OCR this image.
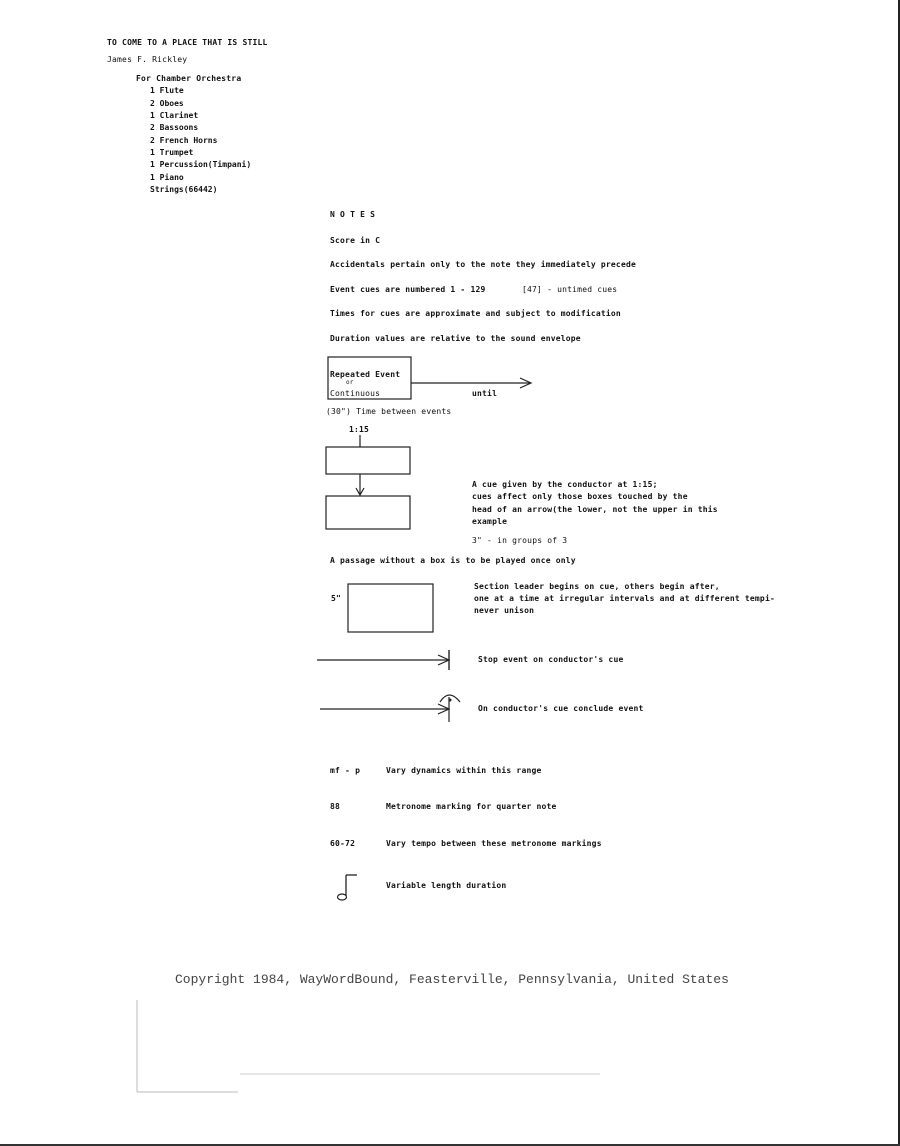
TO COME TO A PLACE THAT IS STILL
James F. Rickley
For Chamber Orchestra
1 Flute
2 Oboes
1 Clarinet
2 Bassoons
2 French Horns
1 Trumpet
1 Percussion(Timpani)
1 Piano
Strings(66442)
N O T E S
Score in C
Accidentals pertain only to the note they immediately precede
Event cues are numbered 1 - 129	[47] - untimed cues
Times for cues are approximate and subject to modification
Duration values are relative to the sound envelope
Repeated Event
or
Continuous	until
(30") Time between events
1:15
A cue given by the conductor at 1:15;
cues affect only those boxes touched by the
head of an arrow(the lower, not the upper in this
example
3" - in groups of 3
A passage without a box is to be played once only
5"
Section leader begins on cue, others begin after,
one at a time at irregular intervals and at different tempi-
never unison
Stop event on conductor's cue
On conductor's cue conclude event
mf - p	Vary dynamics within this range
88	Metronome marking for quarter note
60-72	Vary tempo between these metronome markings
Variable length duration
Copyright 1984, WayWordBound, Feasterville, Pennsylvania, United States
